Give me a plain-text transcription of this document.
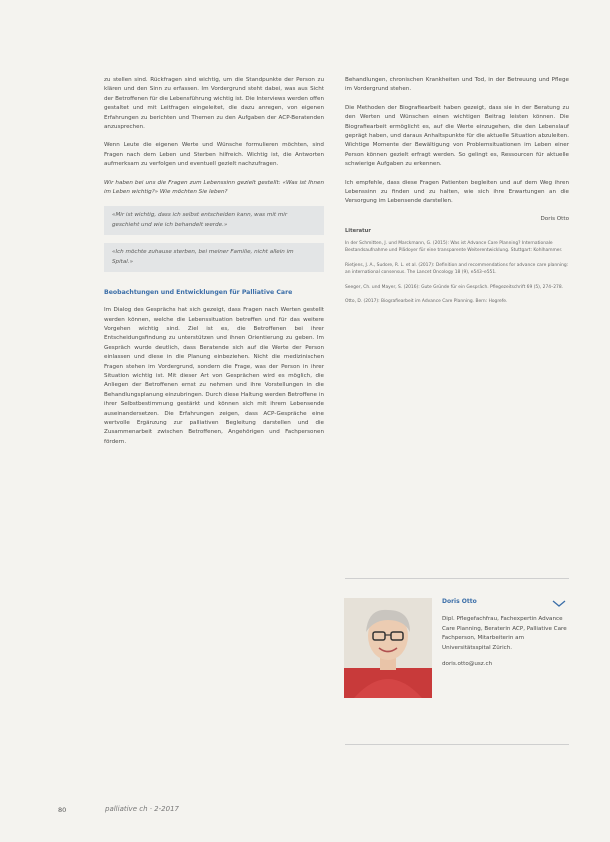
zu stellen sind. Rückfragen sind wichtig, um die Standpunkte der Person zu klären und den Sinn zu erfassen. Im Vordergrund steht dabei, was aus Sicht der Betroffenen für die Lebensführung wichtig ist. Die Interviews werden offen gestaltet und mit Leitfragen eingeleitet, die dazu anregen, von eigenen Erfahrungen zu berichten und Themen zu den Aufgaben der ACP-Beratenden anzusprechen.

Wenn Leute die eigenen Werte und Wünsche formulieren möchten, sind Fragen nach dem Leben und Sterben hilfreich. Wichtig ist, die Antworten aufmerksam zu verfolgen und eventuell gezielt nachzufragen.

Wir haben bei uns die Fragen zum Lebenssinn gezielt gestellt: «Was ist Ihnen im Leben wichtig?» Wie möchten Sie leben?

«Mir ist wichtig, dass ich selbst entscheiden kann, was mit mir geschieht und wie ich behandelt werde.»
«Ich möchte zuhause sterben, bei meiner Familie, nicht allein im Spital.»
Beobachtungen und Entwicklungen für Palliative Care

Im Dialog des Gesprächs hat sich gezeigt, dass Fragen nach Werten gestellt werden können, welche die Lebenssituation betreffen und für das weitere Vorgehen wichtig sind. Ziel ist es, die Betroffenen bei ihrer Entscheidungsfindung zu unterstützen und ihnen Orientierung zu geben. Im Gespräch wurde deutlich, dass Beratende sich auf die Werte der Person einlassen und diese in die Planung einbeziehen. Nicht die medizinischen Fragen stehen im Vordergrund, sondern die Frage, was der Person in ihrer Situation wichtig ist. Mit dieser Art von Gesprächen wird es möglich, die Anliegen der Betroffenen ernst zu nehmen und ihre Vorstellungen in die Behandlungsplanung einzubringen. Durch diese Haltung werden Betroffene in ihrer Selbstbestimmung gestärkt und können sich mit ihrem Lebensende auseinandersetzen. Die Erfahrungen zeigen, dass ACP-Gespräche eine wertvolle Ergänzung zur palliativen Begleitung darstellen und die Zusammenarbeit zwischen Betroffenen, Angehörigen und Fachpersonen fördern.

Behandlungen, chronischen Krankheiten und Tod, in der Betreuung und Pflege im Vordergrund stehen.

Die Methoden der Biografiearbeit haben gezeigt, dass sie in der Beratung zu den Werten und Wünschen einen wichtigen Beitrag leisten können. Die Biografiearbeit ermöglicht es, auf die Werte einzugehen, die den Lebenslauf geprägt haben, und daraus Anhaltspunkte für die aktuelle Situation abzuleiten. Wichtige Momente der Bewältigung von Problemsituationen im Leben einer Person können gezielt erfragt werden. So gelingt es, Ressourcen für aktuelle schwierige Aufgaben zu erkennen.

Ich empfehle, dass diese Fragen Patienten begleiten und auf dem Weg ihren Lebenssinn zu finden und zu halten, wie sich ihre Erwartungen an die Versorgung im Lebensende darstellen.

Doris Otto
Literatur

In der Schmitten, J. und Marckmann, G. (2015): Was ist Advance Care Planning? Internationale Bestandsaufnahme und Plädoyer für eine transparente Weiterentwicklung. Stuttgart: Kohlhammer.

Rietjens, J. A., Sudore, R. L. et al. (2017): Definition and recommendations for advance care planning: an international consensus. The Lancet Oncology 18 (9), e543–e551.

Seeger, Ch. und Mayer, S. (2016): Gute Gründe für ein Gespräch. Pflegezeitschrift 69 (5), 274–278.

Otto, D. (2017): Biografiearbeit im Advance Care Planning. Bern: Hogrefe.

Doris Otto
Dipl. Pflegefachfrau, Fachexpertin Advance Care Planning, Beraterin ACP, Palliative Care Fachperson, Mitarbeiterin am Universitätsspital Zürich.
doris.otto@usz.ch
80	palliative ch · 2-2017
